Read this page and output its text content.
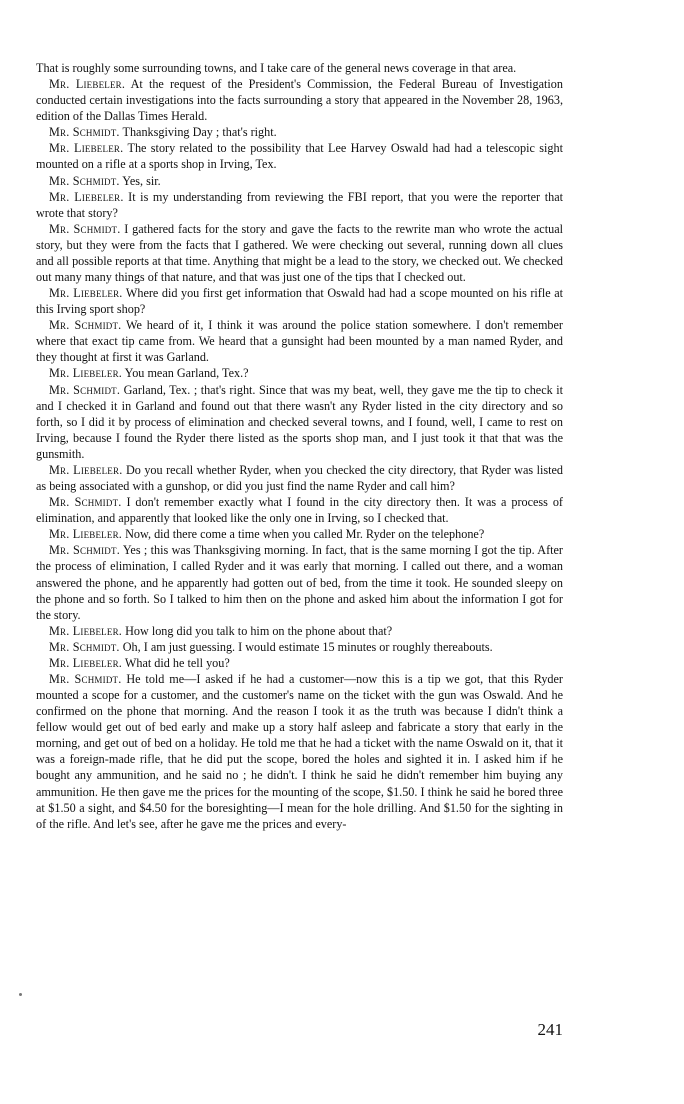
That is roughly some surrounding towns, and I take care of the general news coverage in that area.

Mr. Liebeler. At the request of the President's Commission, the Federal Bureau of Investigation conducted certain investigations into the facts surrounding a story that appeared in the November 28, 1963, edition of the Dallas Times Herald.

Mr. Schmidt. Thanksgiving Day ; that's right.

Mr. Liebeler. The story related to the possibility that Lee Harvey Oswald had had a telescopic sight mounted on a rifle at a sports shop in Irving, Tex.

Mr. Schmidt. Yes, sir.

Mr. Liebeler. It is my understanding from reviewing the FBI report, that you were the reporter that wrote that story?

Mr. Schmidt. I gathered facts for the story and gave the facts to the rewrite man who wrote the actual story, but they were from the facts that I gathered. We were checking out several, running down all clues and all possible reports at that time. Anything that might be a lead to the story, we checked out. We checked out many many things of that nature, and that was just one of the tips that I checked out.

Mr. Liebeler. Where did you first get information that Oswald had had a scope mounted on his rifle at this Irving sport shop?

Mr. Schmidt. We heard of it, I think it was around the police station somewhere. I don't remember where that exact tip came from. We heard that a gunsight had been mounted by a man named Ryder, and they thought at first it was Garland.

Mr. Liebeler. You mean Garland, Tex.?

Mr. Schmidt. Garland, Tex. ; that's right. Since that was my beat, well, they gave me the tip to check it and I checked it in Garland and found out that there wasn't any Ryder listed in the city directory and so forth, so I did it by process of elimination and checked several towns, and I found, well, I came to rest on Irving, because I found the Ryder there listed as the sports shop man, and I just took it that that was the gunsmith.

Mr. Liebeler. Do you recall whether Ryder, when you checked the city directory, that Ryder was listed as being associated with a gunshop, or did you just find the name Ryder and call him?

Mr. Schmidt. I don't remember exactly what I found in the city directory then. It was a process of elimination, and apparently that looked like the only one in Irving, so I checked that.

Mr. Liebeler. Now, did there come a time when you called Mr. Ryder on the telephone?

Mr. Schmidt. Yes ; this was Thanksgiving morning. In fact, that is the same morning I got the tip. After the process of elimination, I called Ryder and it was early that morning. I called out there, and a woman answered the phone, and he apparently had gotten out of bed, from the time it took. He sounded sleepy on the phone and so forth. So I talked to him then on the phone and asked him about the information I got for the story.

Mr. Liebeler. How long did you talk to him on the phone about that?

Mr. Schmidt. Oh, I am just guessing. I would estimate 15 minutes or roughly thereabouts.

Mr. Liebeler. What did he tell you?

Mr. Schmidt. He told me—I asked if he had a customer—now this is a tip we got, that this Ryder mounted a scope for a customer, and the customer's name on the ticket with the gun was Oswald. And he confirmed on the phone that morning. And the reason I took it as the truth was because I didn't think a fellow would get out of bed early and make up a story half asleep and fabricate a story that early in the morning, and get out of bed on a holiday. He told me that he had a ticket with the name Oswald on it, that it was a foreign-made rifle, that he did put the scope, bored the holes and sighted it in. I asked him if he bought any ammunition, and he said no ; he didn't. I think he said he didn't remember him buying any ammunition. He then gave me the prices for the mounting of the scope, $1.50. I think he said he bored three at $1.50 a sight, and $4.50 for the boresighting—I mean for the hole drilling. And $1.50 for the sighting in of the rifle. And let's see, after he gave me the prices and every-

241
